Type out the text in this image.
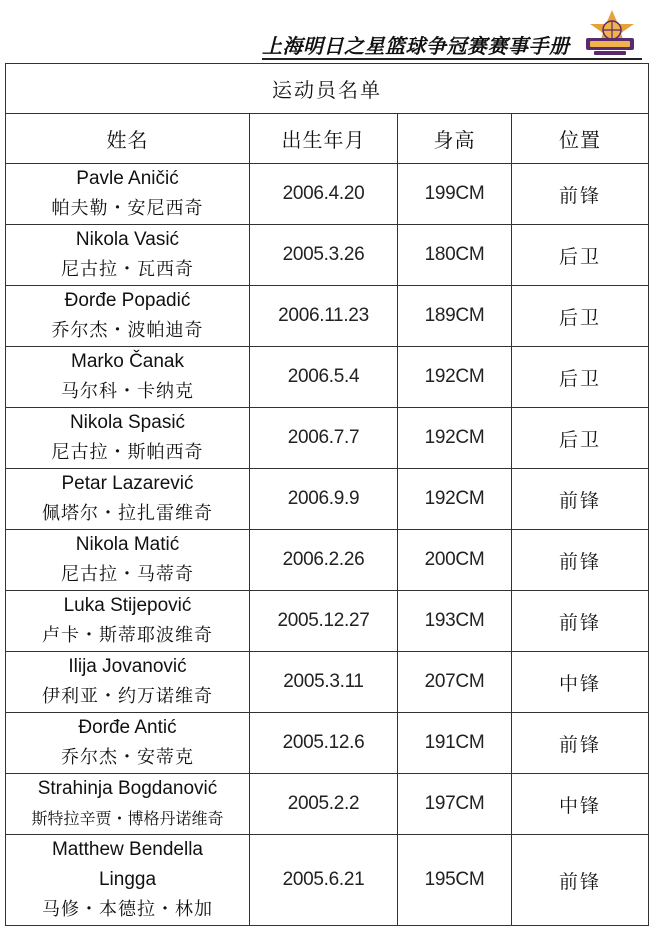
上海明日之星篮球争冠赛赛事手册
运动员名单			
姓名	出生年月	身高	位置

Pavle Aničić
帕夫勒・安尼西奇	2006.4.20	199CM	前锋

Nikola Vasić
尼古拉・瓦西奇	2005.3.26	180CM	后卫

Đorđe Popadić
乔尔杰・波帕迪奇	2006.11.23	189CM	后卫

Marko Čanak
马尔科・卡纳克	2006.5.4	192CM	后卫

Nikola Spasić
尼古拉・斯帕西奇	2006.7.7	192CM	后卫

Petar Lazarević
佩塔尔・拉扎雷维奇	2006.9.9	192CM	前锋

Nikola Matić
尼古拉・马蒂奇	2006.2.26	200CM	前锋

Luka Stijepović
卢卡・斯蒂耶波维奇	2005.12.27	193CM	前锋

Ilija Jovanović
伊利亚・约万诺维奇	2005.3.11	207CM	中锋

Đorđe Antić
乔尔杰・安蒂克	2005.12.6	191CM	前锋

Strahinja Bogdanović
斯特拉辛贾・博格丹诺维奇	2005.2.2	197CM	中锋

Matthew Bendella
Lingga
马修・本德拉・林加	2005.6.21	195CM	前锋
